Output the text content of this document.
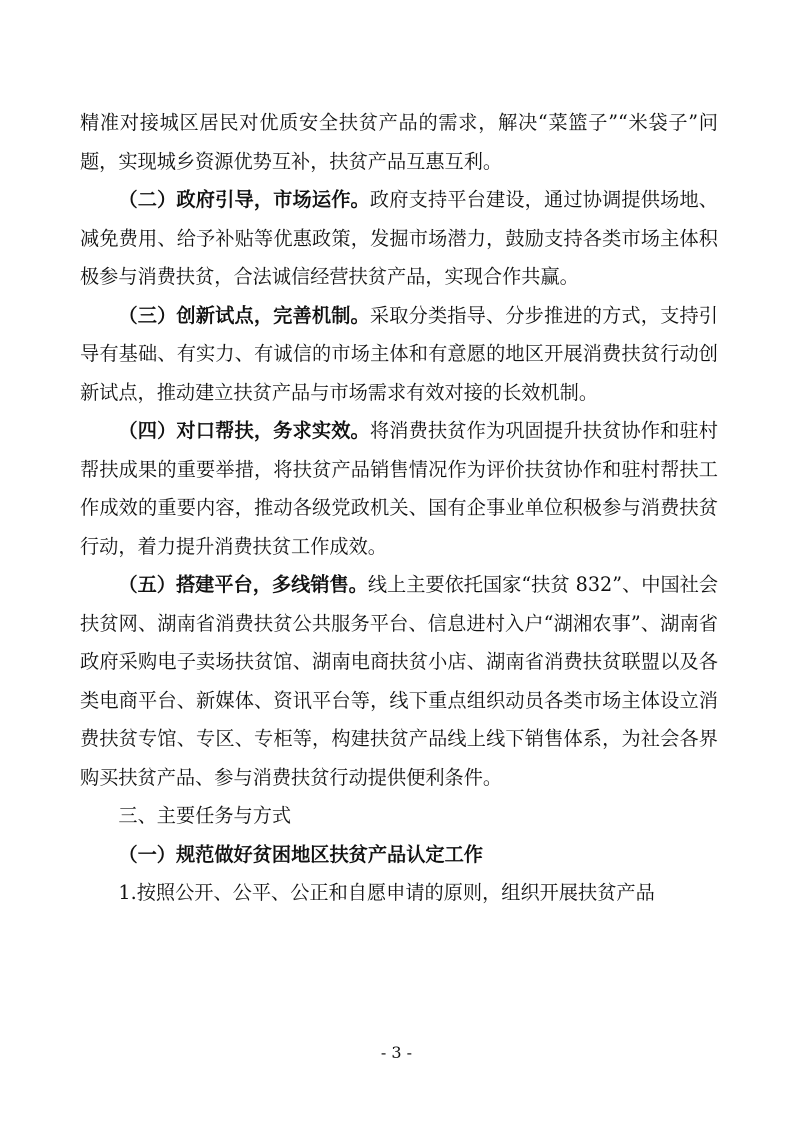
精准对接城区居民对优质安全扶贫产品的需求，解决“菜篮子”“米袋子”问题，实现城乡资源优势互补，扶贫产品互惠互利。

（二）政府引导，市场运作。政府支持平台建设，通过协调提供场地、减免费用、给予补贴等优惠政策，发掘市场潜力，鼓励支持各类市场主体积极参与消费扶贫，合法诚信经营扶贫产品，实现合作共赢。

（三）创新试点，完善机制。采取分类指导、分步推进的方式，支持引导有基础、有实力、有诚信的市场主体和有意愿的地区开展消费扶贫行动创新试点，推动建立扶贫产品与市场需求有效对接的长效机制。

（四）对口帮扶，务求实效。将消费扶贫作为巩固提升扶贫协作和驻村帮扶成果的重要举措，将扶贫产品销售情况作为评价扶贫协作和驻村帮扶工作成效的重要内容，推动各级党政机关、国有企事业单位积极参与消费扶贫行动，着力提升消费扶贫工作成效。

（五）搭建平台，多线销售。线上主要依托国家“扶贫 832”、中国社会扶贫网、湖南省消费扶贫公共服务平台、信息进村入户“湖湘农事”、湖南省政府采购电子卖场扶贫馆、湖南电商扶贫小店、湖南省消费扶贫联盟以及各类电商平台、新媒体、资讯平台等，线下重点组织动员各类市场主体设立消费扶贫专馆、专区、专柜等，构建扶贫产品线上线下销售体系，为社会各界购买扶贫产品、参与消费扶贫行动提供便利条件。

三、主要任务与方式

（一）规范做好贫困地区扶贫产品认定工作

1.按照公开、公平、公正和自愿申请的原则，组织开展扶贫产品

- 3 -
